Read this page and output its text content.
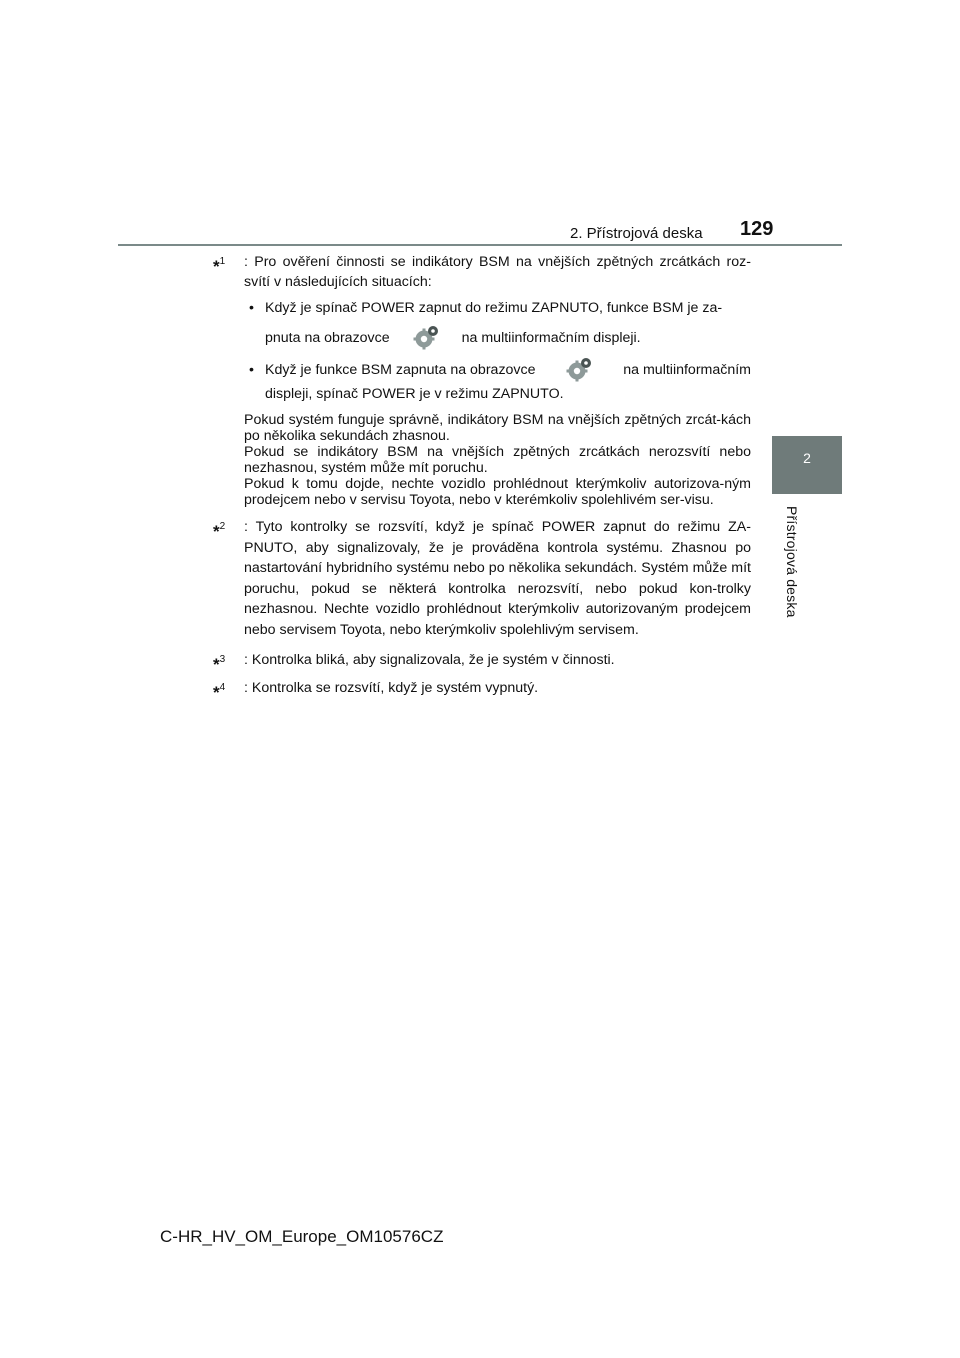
2. Přístrojová deska 129
2
Přístrojová deska
*$^1$ : Pro ověření činnosti se indikátory BSM na vnějších zpětných zrcátkách roz-svítí v následujících situacích:
• Když je spínač POWER zapnut do režimu ZAPNUTO, funkce BSM je za-
pnuta na obrazovce	na multiinformačním displeji.
• Když je funkce BSM zapnuta na obrazovce	na multiinformačním
displeji, spínač POWER je v režimu ZAPNUTO.
Pokud systém funguje správně, indikátory BSM na vnějších zpětných zrcát-kách po několika sekundách zhasnou.
Pokud se indikátory BSM na vnějších zpětných zrcátkách nerozsvítí nebo nezhasnou, systém může mít poruchu.
Pokud k tomu dojde, nechte vozidlo prohlédnout kterýmkoliv autorizova-ným prodejcem nebo v servisu Toyota, nebo v kterémkoliv spolehlivém ser-visu.
*$^2$ : Tyto kontrolky se rozsvítí, když je spínač POWER zapnut do režimu ZA-PNUTO, aby signalizovaly, že je prováděna kontrola systému. Zhasnou po nastartování hybridního systému nebo po několika sekundách. Systém může mít poruchu, pokud se některá kontrolka nerozsvítí, nebo pokud kon-trolky nezhasnou. Nechte vozidlo prohlédnout kterýmkoliv autorizovaným prodejcem nebo servisem Toyota, nebo kterýmkoliv spolehlivým servisem.
*$^3$ : Kontrolka bliká, aby signalizovala, že je systém v činnosti.
*$^4$ : Kontrolka se rozsvítí, když je systém vypnutý.
C-HR_HV_OM_Europe_OM10576CZ
